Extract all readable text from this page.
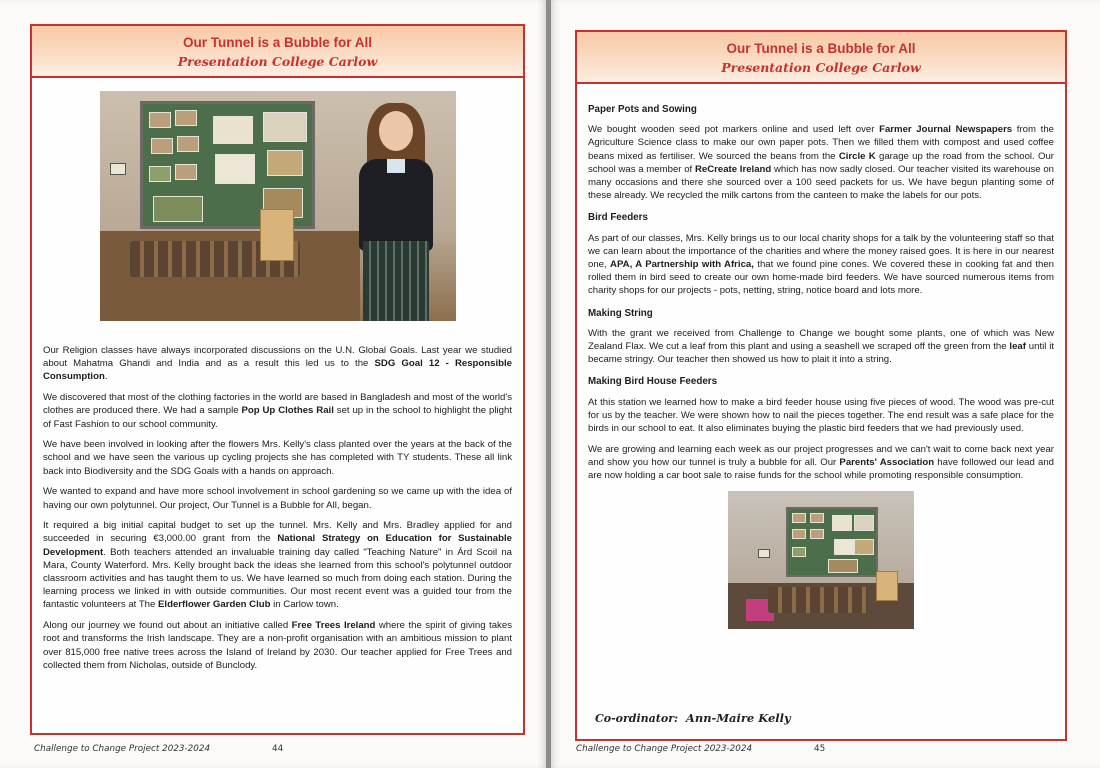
Our Tunnel is a Bubble for All
Presentation College Carlow

Our Religion classes have always incorporated discussions on the U.N. Global Goals. Last year we studied about Mahatma Ghandi and India and as a result this led us to the SDG Goal 12 - Responsible Consumption.

We discovered that most of the clothing factories in the world are based in Bangladesh and most of the world's clothes are produced there. We had a sample Pop Up Clothes Rail set up in the school to highlight the plight of Fast Fashion to our school community.

We have been involved in looking after the flowers Mrs. Kelly's class planted over the years at the back of the school and we have seen the various up cycling projects she has completed with TY students. These all link back into Biodiversity and the SDG Goals with a hands on approach.

We wanted to expand and have more school involvement in school gardening so we came up with the idea of having our own polytunnel. Our project, Our Tunnel is a Bubble for All, began.

It required a big initial capital budget to set up the tunnel. Mrs. Kelly and Mrs. Bradley applied for and succeeded in securing €3,000.00 grant from the National Strategy on Education for Sustainable Development. Both teachers attended an invaluable training day called "Teaching Nature" in Árd Scoil na Mara, County Waterford. Mrs. Kelly brought back the ideas she learned from this school's polytunnel outdoor classroom activities and has taught them to us. We have learned so much from doing each station. During the learning process we linked in with outside communities. Our most recent event was a guided tour from the fantastic volunteers at The Elderflower Garden Club in Carlow town.

Along our journey we found out about an initiative called Free Trees Ireland where the spirit of giving takes root and transforms the Irish landscape. They are a non-profit organisation with an ambitious mission to plant over 815,000 free native trees across the Island of Ireland by 2030. Our teacher applied for Free Trees and collected them from Nicholas, outside of Bunclody.

Challenge to Change Project 2023-2024	44
Our Tunnel is a Bubble for All
Presentation College Carlow
Paper Pots and Sowing

We bought wooden seed pot markers online and used left over Farmer Journal Newspapers from the Agriculture Science class to make our own paper pots. Then we filled them with compost and used coffee beans mixed as fertiliser. We sourced the beans from the Circle K garage up the road from the school. Our school was a member of ReCreate Ireland which has now sadly closed. Our teacher visited its warehouse on many occasions and there she sourced over a 100 seed packets for us. We have begun planting some of these already. We recycled the milk cartons from the canteen to make the labels for our pots.

Bird Feeders

As part of our classes, Mrs. Kelly brings us to our local charity shops for a talk by the volunteering staff so that we can learn about the importance of the charities and where the money raised goes. It is here in our nearest one, APA, A Partnership with Africa, that we found pine cones. We covered these in cooking fat and then rolled them in bird seed to create our own home-made bird feeders. We have sourced numerous items from charity shops for our projects - pots, netting, string, notice board and lots more.

Making String

With the grant we received from Challenge to Change we bought some plants, one of which was New Zealand Flax. We cut a leaf from this plant and using a seashell we scraped off the green from the leaf until it became stringy. Our teacher then showed us how to plait it into a string.

Making Bird House Feeders

At this station we learned how to make a bird feeder house using five pieces of wood. The wood was pre-cut for us by the teacher. We were shown how to nail the pieces together. The end result was a safe place for the birds in our school to eat. It also eliminates buying the plastic bird feeders that we had previously used.

We are growing and learning each week as our project progresses and we can't wait to come back next year and show you how our tunnel is truly a bubble for all. Our Parents' Association have followed our lead and are now holding a car boot sale to raise funds for the school while promoting responsible consumption.

Co-ordinator: Ann-Maire Kelly
Challenge to Change Project 2023-2024	45
